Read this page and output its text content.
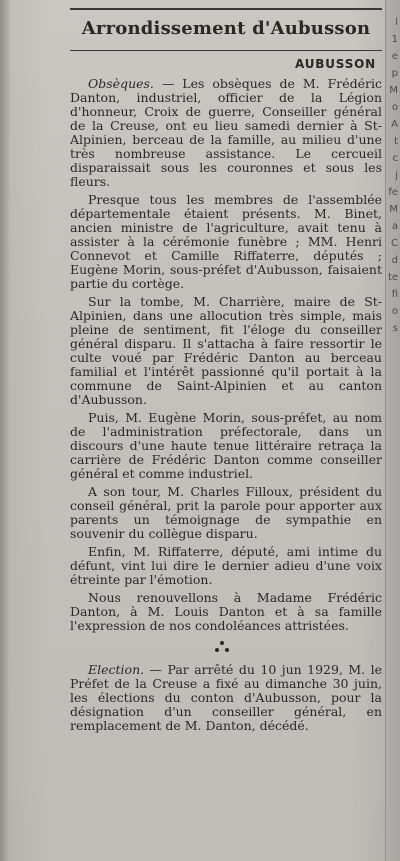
Arrondissement d'Aubusson
AUBUSSON

Obsèques. — Les obsèques de M. Frédéric Danton, industriel, officier de la Légion d'honneur, Croix de guerre, Conseiller général de la Creuse, ont eu lieu samedi dernier à St-Alpinien, berceau de la famille, au milieu d'une très nombreuse assistance. Le cercueil disparaissait sous les couronnes et sous les fleurs.

Presque tous les membres de l'assemblée départementale étaient présents. M. Binet, ancien ministre de l'agriculture, avait tenu à assister à la cérémonie funèbre ; MM. Henri Connevot et Camille Riffaterre, députés ; Eugène Morin, sous-préfet d'Aubusson, faisaient partie du cortège.

Sur la tombe, M. Charrière, maire de St-Alpinien, dans une allocution très simple, mais pleine de sentiment, fit l'éloge du conseiller général disparu. Il s'attacha à faire ressortir le culte voué par Frédéric Danton au berceau familial et l'intérêt passionné qu'il portait à la commune de Saint-Alpinien et au canton d'Aubusson.

Puis, M. Eugène Morin, sous-préfet, au nom de l'administration préfectorale, dans un discours d'une haute tenue littéraire retraça la carrière de Frédéric Danton comme conseiller général et comme industriel.

A son tour, M. Charles Filloux, président du conseil général, prit la parole pour apporter aux parents un témoignage de sympathie en souvenir du collègue disparu.

Enfin, M. Riffaterre, député, ami intime du défunt, vint lui dire le dernier adieu d'une voix étreinte par l'émotion.

Nous renouvellons à Madame Frédéric Danton, à M. Louis Danton et à sa famille l'expression de nos condoléances attristées.

Election. — Par arrêté du 10 jun 1929, M. le Préfet de la Creuse a fixé au dimanche 30 juin, les élections du conton d'Aubusson, pour la désignation d'un conseiller général, en remplacement de M. Danton, décédé.

l
1
e
p
M
o
A
t
c
j
fe
M
a
C
d
te
fi
o
s
